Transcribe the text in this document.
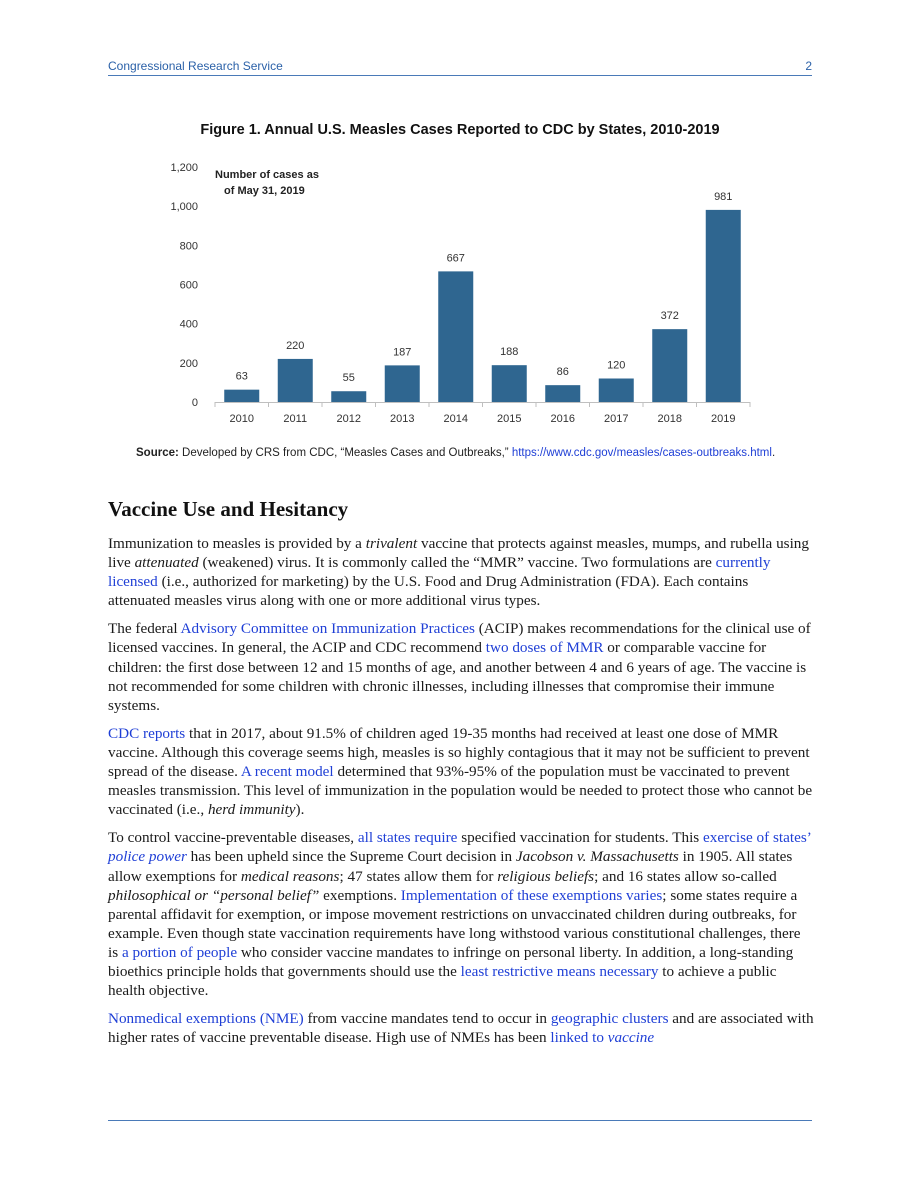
Congressional Research Service	2
Figure 1. Annual U.S. Measles Cases Reported to CDC by States, 2010-2019
0
200
400
600
800
1,000
1,200
63
2010
220
2011
55
2012
187
2013
667
2014
188
2015
86
2016
120
2017
372
2018
981
2019
Number of cases as
of May 31, 2019
Source: Developed by CRS from CDC, “Measles Cases and Outbreaks,” https://www.cdc.gov/measles/cases-outbreaks.html.
Vaccine Use and Hesitancy

Immunization to measles is provided by a trivalent vaccine that protects against measles, mumps, and rubella using live attenuated (weakened) virus. It is commonly called the “MMR” vaccine. Two formulations are currently licensed (i.e., authorized for marketing) by the U.S. Food and Drug Administration (FDA). Each contains attenuated measles virus along with one or more additional virus types.

The federal Advisory Committee on Immunization Practices (ACIP) makes recommendations for the clinical use of licensed vaccines. In general, the ACIP and CDC recommend two doses of MMR or comparable vaccine for children: the first dose between 12 and 15 months of age, and another between 4 and 6 years of age. The vaccine is not recommended for some children with chronic illnesses, including illnesses that compromise their immune systems.

CDC reports that in 2017, about 91.5% of children aged 19-35 months had received at least one dose of MMR vaccine. Although this coverage seems high, measles is so highly contagious that it may not be sufficient to prevent spread of the disease. A recent model determined that 93%-95% of the population must be vaccinated to prevent measles transmission. This level of immunization in the population would be needed to protect those who cannot be vaccinated (i.e., herd immunity).

To control vaccine-preventable diseases, all states require specified vaccination for students. This exercise of states’ police power has been upheld since the Supreme Court decision in Jacobson v. Massachusetts in 1905. All states allow exemptions for medical reasons; 47 states allow them for religious beliefs; and 16 states allow so-called philosophical or “personal belief” exemptions. Implementation of these exemptions varies; some states require a parental affidavit for exemption, or impose movement restrictions on unvaccinated children during outbreaks, for example. Even though state vaccination requirements have long withstood various constitutional challenges, there is a portion of people who consider vaccine mandates to infringe on personal liberty. In addition, a long-standing bioethics principle holds that governments should use the least restrictive means necessary to achieve a public health objective.

Nonmedical exemptions (NME) from vaccine mandates tend to occur in geographic clusters and are associated with higher rates of vaccine preventable disease. High use of NMEs has been linked to vaccine
